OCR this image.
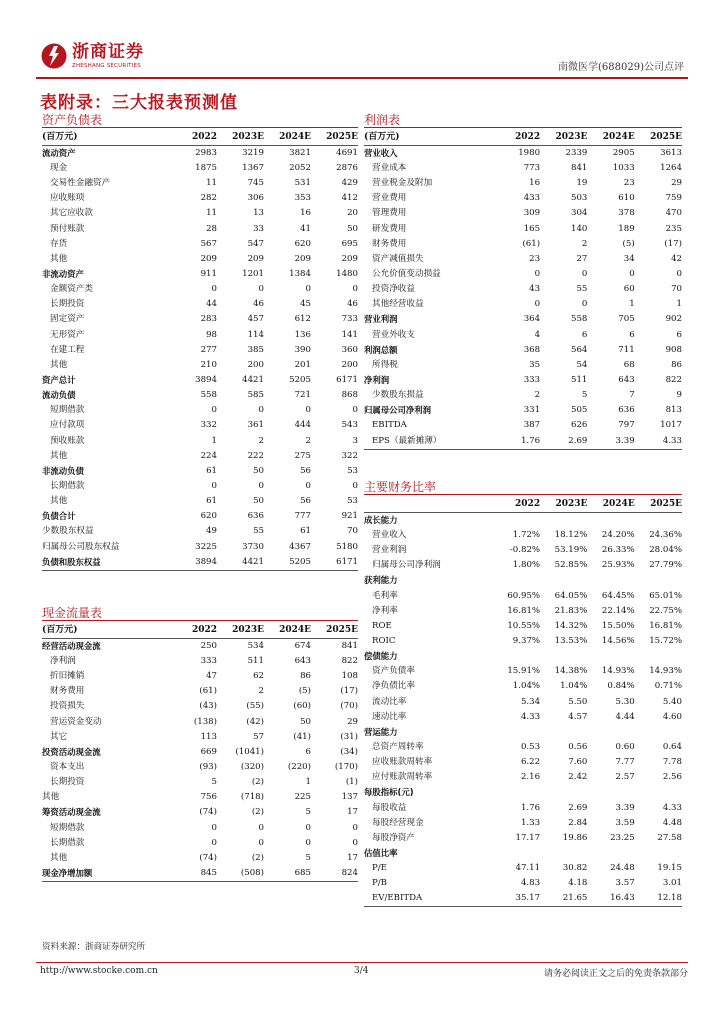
浙商证券
ZHESHANG SECURITIES	南微医学(688029)公司点评
表附录：三大报表预测值
资产负债表
(百万元)	2022	2023E	2024E	2025E
流动资产	2983	3219	3821	4691
现金	1875	1367	2052	2876
交易性金融资产	11	745	531	429
应收账项	282	306	353	412
其它应收款	11	13	16	20
预付账款	28	33	41	50
存货	567	547	620	695
其他	209	209	209	209
非流动资产	911	1201	1384	1480
金额资产类	0	0	0	0
长期投资	44	46	45	46
固定资产	283	457	612	733
无形资产	98	114	136	141
在建工程	277	385	390	360
其他	210	200	201	200
资产总计	3894	4421	5205	6171
流动负债	558	585	721	868
短期借款	0	0	0	0
应付款项	332	361	444	543
预收账款	1	2	2	3
其他	224	222	275	322
非流动负债	61	50	56	53
长期借款	0	0	0	0
其他	61	50	56	53
负债合计	620	636	777	921
少数股东权益	49	55	61	70
归属母公司股东权益	3225	3730	4367	5180
负债和股东权益	3894	4421	5205	6171
利润表
(百万元)	2022	2023E	2024E	2025E
营业收入	1980	2339	2905	3613
营业成本	773	841	1033	1264
营业税金及附加	16	19	23	29
营业费用	433	503	610	759
管理费用	309	304	378	470
研发费用	165	140	189	235
财务费用	(61)	2	(5)	(17)
资产减值损失	23	27	34	42
公允价值变动损益	0	0	0	0
投资净收益	43	55	60	70
其他经营收益	0	0	1	1
营业利润	364	558	705	902
营业外收支	4	6	6	6
利润总额	368	564	711	908
所得税	35	54	68	86
净利润	333	511	643	822
少数股东损益	2	5	7	9
归属母公司净利润	331	505	636	813
EBITDA	387	626	797	1017
EPS（最新摊薄）	1.76	2.69	3.39	4.33
主要财务比率
	2022	2023E	2024E	2025E
成长能力				
营业收入	1.72%	18.12%	24.20%	24.36%
营业利润	-0.82%	53.19%	26.33%	28.04%
归属母公司净利润	1.80%	52.85%	25.93%	27.79%
获利能力				
毛利率	60.95%	64.05%	64.45%	65.01%
净利率	16.81%	21.83%	22.14%	22.75%
ROE	10.55%	14.32%	15.50%	16.81%
ROIC	9.37%	13.53%	14.56%	15.72%
偿债能力				
资产负债率	15.91%	14.38%	14.93%	14.93%
净负债比率	1.04%	1.04%	0.84%	0.71%
流动比率	5.34	5.50	5.30	5.40
速动比率	4.33	4.57	4.44	4.60
营运能力				
总资产周转率	0.53	0.56	0.60	0.64
应收账款周转率	6.22	7.60	7.77	7.78
应付账款周转率	2.16	2.42	2.57	2.56
每股指标(元)				
每股收益	1.76	2.69	3.39	4.33
每股经营现金	1.33	2.84	3.59	4.48
每股净资产	17.17	19.86	23.25	27.58
估值比率				
P/E	47.11	30.82	24.48	19.15
P/B	4.83	4.18	3.57	3.01
EV/EBITDA	35.17	21.65	16.43	12.18
现金流量表
(百万元)	2022	2023E	2024E	2025E
经营活动现金流	250	534	674	841
净利润	333	511	643	822
折旧摊销	47	62	86	108
财务费用	(61)	2	(5)	(17)
投资损失	(43)	(55)	(60)	(70)
营运资金变动	(138)	(42)	50	29
其它	113	57	(41)	(31)
投资活动现金流	669	(1041)	6	(34)
资本支出	(93)	(320)	(220)	(170)
长期投资	5	(2)	1	(1)
其他	756	(718)	225	137
筹资活动现金流	(74)	(2)	5	17
短期借款	0	0	0	0
长期借款	0	0	0	0
其他	(74)	(2)	5	17
现金净增加额	845	(508)	685	824
资料来源：浙商证券研究所
http://www.stocke.com.cn	3/4	请务必阅读正文之后的免责条款部分
